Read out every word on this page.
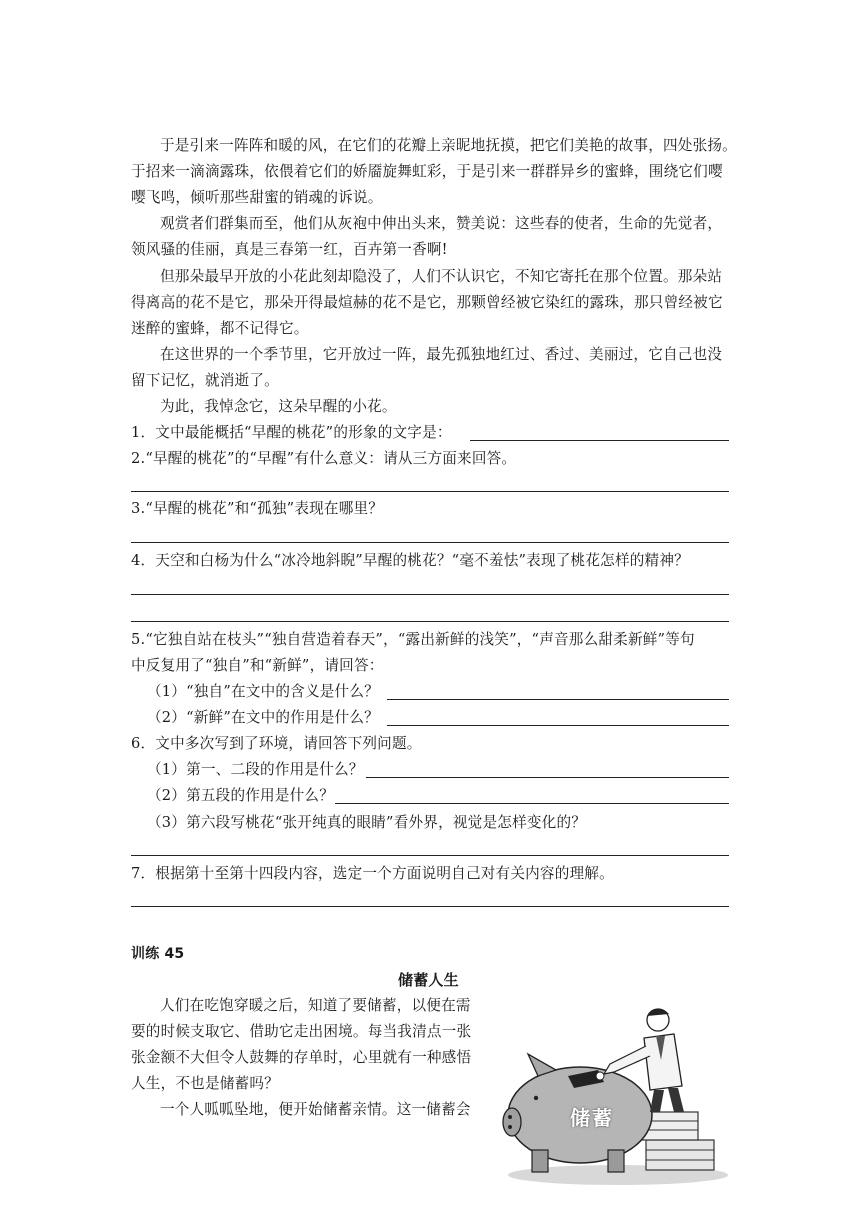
于是引来一阵阵和暖的风，在它们的花瓣上亲昵地抚摸，把它们美艳的故事，四处张扬。
于招来一滴滴露珠，依偎着它们的娇靥旋舞虹彩，于是引来一群群异乡的蜜蜂，围绕它们嘤
嘤飞鸣，倾听那些甜蜜的销魂的诉说。
观赏者们群集而至，他们从灰袍中伸出头来，赞美说：这些春的使者，生命的先觉者，
领风骚的佳丽，真是三春第一红，百卉第一香啊!
但那朵最早开放的小花此刻却隐没了，人们不认识它，不知它寄托在那个位置。那朵站
得离高的花不是它，那朵开得最煊赫的花不是它，那颗曾经被它染红的露珠，那只曾经被它
迷醉的蜜蜂，都不记得它。
在这世界的一个季节里，它开放过一阵，最先孤独地红过、香过、美丽过，它自己也没
留下记忆，就消逝了。
为此，我悼念它，这朵早醒的小花。
1．文中最能概括“早醒的桃花”的形象的文字是：
2.“早醒的桃花”的“早醒”有什么意义：请从三方面来回答。
3.“早醒的桃花”和“孤独”表现在哪里？
4．天空和白杨为什么“冰冷地斜睨”早醒的桃花？“毫不羞怯”表现了桃花怎样的精神？
5.“它独自站在枝头”“独自营造着春天”，“露出新鲜的浅笑”，“声音那么甜柔新鲜”等句
中反复用了“独自”和“新鲜”，请回答：
（1）“独自”在文中的含义是什么？
（2）“新鲜”在文中的作用是什么？
6．文中多次写到了环境，请回答下列问题。
（1）第一、二段的作用是什么？
（2）第五段的作用是什么？
（3）第六段写桃花“张开纯真的眼睛”看外界，视觉是怎样变化的？
7．根据第十至第十四段内容，选定一个方面说明自己对有关内容的理解。
训练 45
储蓄人生
人们在吃饱穿暖之后，知道了要储蓄，以便在需
要的时候支取它、借助它走出困境。每当我清点一张
张金额不大但令人鼓舞的存单时，心里就有一种感悟
人生，不也是储蓄吗？
一个人呱呱坠地，便开始储蓄亲情。这一储蓄会	储蓄
